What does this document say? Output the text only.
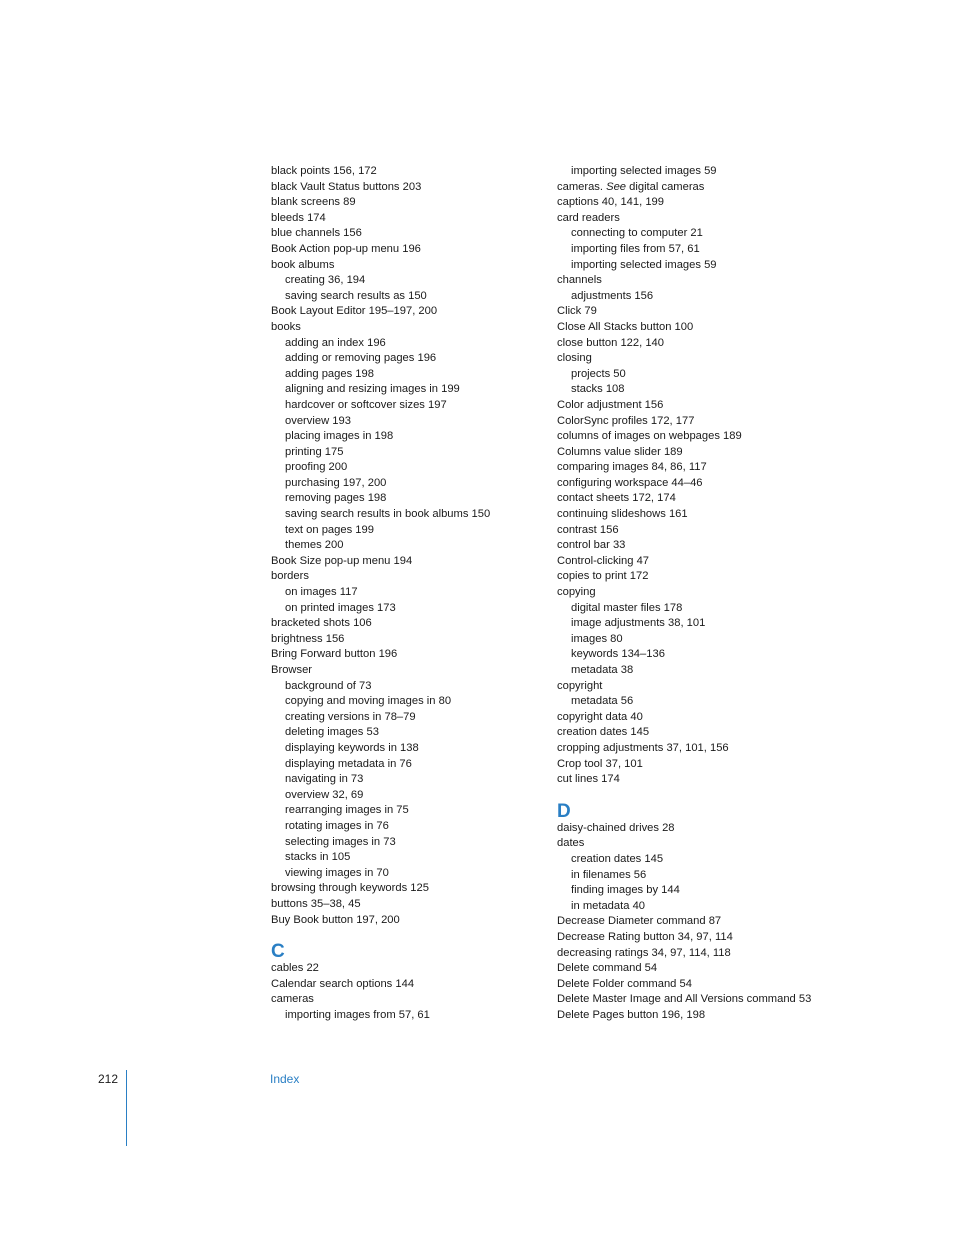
black points 156, 172
black Vault Status buttons 203
blank screens 89
bleeds 174
blue channels 156
Book Action pop-up menu 196
book albums
creating 36, 194
saving search results as 150
Book Layout Editor 195–197, 200
books
adding an index 196
adding or removing pages 196
adding pages 198
aligning and resizing images in 199
hardcover or softcover sizes 197
overview 193
placing images in 198
printing 175
proofing 200
purchasing 197, 200
removing pages 198
saving search results in book albums 150
text on pages 199
themes 200
Book Size pop-up menu 194
borders
on images 117
on printed images 173
bracketed shots 106
brightness 156
Bring Forward button 196
Browser
background of 73
copying and moving images in 80
creating versions in 78–79
deleting images 53
displaying keywords in 138
displaying metadata in 76
navigating in 73
overview 32, 69
rearranging images in 75
rotating images in 76
selecting images in 73
stacks in 105
viewing images in 70
browsing through keywords 125
buttons 35–38, 45
Buy Book button 197, 200
C
cables 22
Calendar search options 144
cameras
importing images from 57, 61
importing selected images 59
cameras. See digital cameras
captions 40, 141, 199
card readers
connecting to computer 21
importing files from 57, 61
importing selected images 59
channels
adjustments 156
Click 79
Close All Stacks button 100
close button 122, 140
closing
projects 50
stacks 108
Color adjustment 156
ColorSync profiles 172, 177
columns of images on webpages 189
Columns value slider 189
comparing images 84, 86, 117
configuring workspace 44–46
contact sheets 172, 174
continuing slideshows 161
contrast 156
control bar 33
Control-clicking 47
copies to print 172
copying
digital master files 178
image adjustments 38, 101
images 80
keywords 134–136
metadata 38
copyright
metadata 56
copyright data 40
creation dates 145
cropping adjustments 37, 101, 156
Crop tool 37, 101
cut lines 174
D
daisy-chained drives 28
dates
creation dates 145
in filenames 56
finding images by 144
in metadata 40
Decrease Diameter command 87
Decrease Rating button 34, 97, 114
decreasing ratings 34, 97, 114, 118
Delete command 54
Delete Folder command 54
Delete Master Image and All Versions command 53
Delete Pages button 196, 198
212	Index
